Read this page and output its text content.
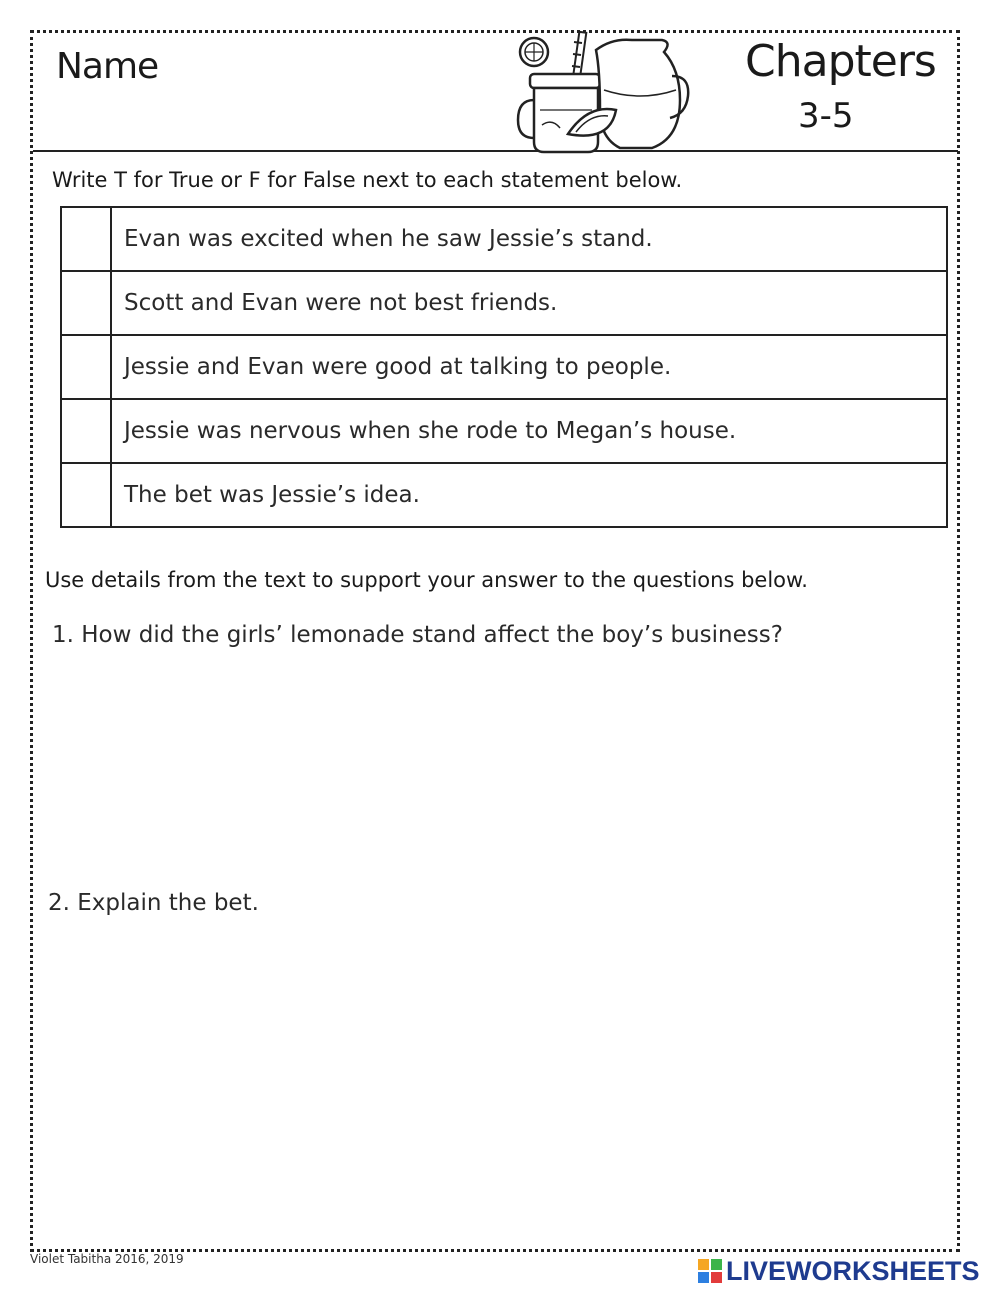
Name	Chapters
3-5
Write T for True or F for False next to each statement below.
	Evan was excited when he saw Jessie’s stand.
	Scott and Evan were not best friends.
	Jessie and Evan were good at talking to people.
	Jessie was nervous when she rode to Megan’s house.
	The bet was Jessie’s idea.
Use details from the text to support your answer to the questions below.
1. How did the girls’ lemonade stand affect the boy’s business?
2. Explain the bet.
Violet Tabitha 2016, 2019	LIVEWORKSHEETS
